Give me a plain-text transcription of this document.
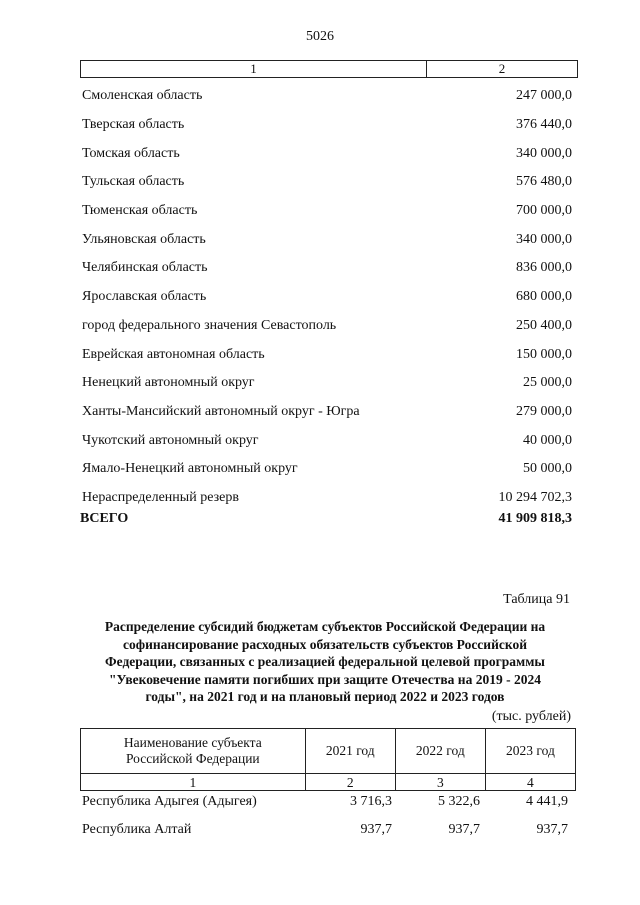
5026
1	2
Смоленская область	247 000,0
Тверская область	376 440,0
Томская область	340 000,0
Тульская область	576 480,0
Тюменская область	700 000,0
Ульяновская область	340 000,0
Челябинская область	836 000,0
Ярославская область	680 000,0
город федерального значения Севастополь	250 400,0
Еврейская автономная область	150 000,0
Ненецкий автономный округ	25 000,0
Ханты-Мансийский автономный округ - Югра	279 000,0
Чукотский автономный округ	40 000,0
Ямало-Ненецкий автономный округ	50 000,0
Нераспределенный резерв	10 294 702,3
ВСЕГО	41 909 818,3
Таблица 91
Распределение субсидий бюджетам субъектов Российской Федерации на
софинансирование расходных обязательств субъектов Российской
Федерации, связанных с реализацией федеральной целевой программы
"Увековечение памяти погибших при защите Отечества на 2019 - 2024
годы", на 2021 год и на плановый период 2022 и 2023 годов
(тыс. рублей)
Наименование субъекта
Российской Федерации	2021 год	2022 год	2023 год
1	2	3	4
Республика Адыгея (Адыгея)	3 716,3	5 322,6	4 441,9
Республика Алтай	937,7	937,7	937,7
